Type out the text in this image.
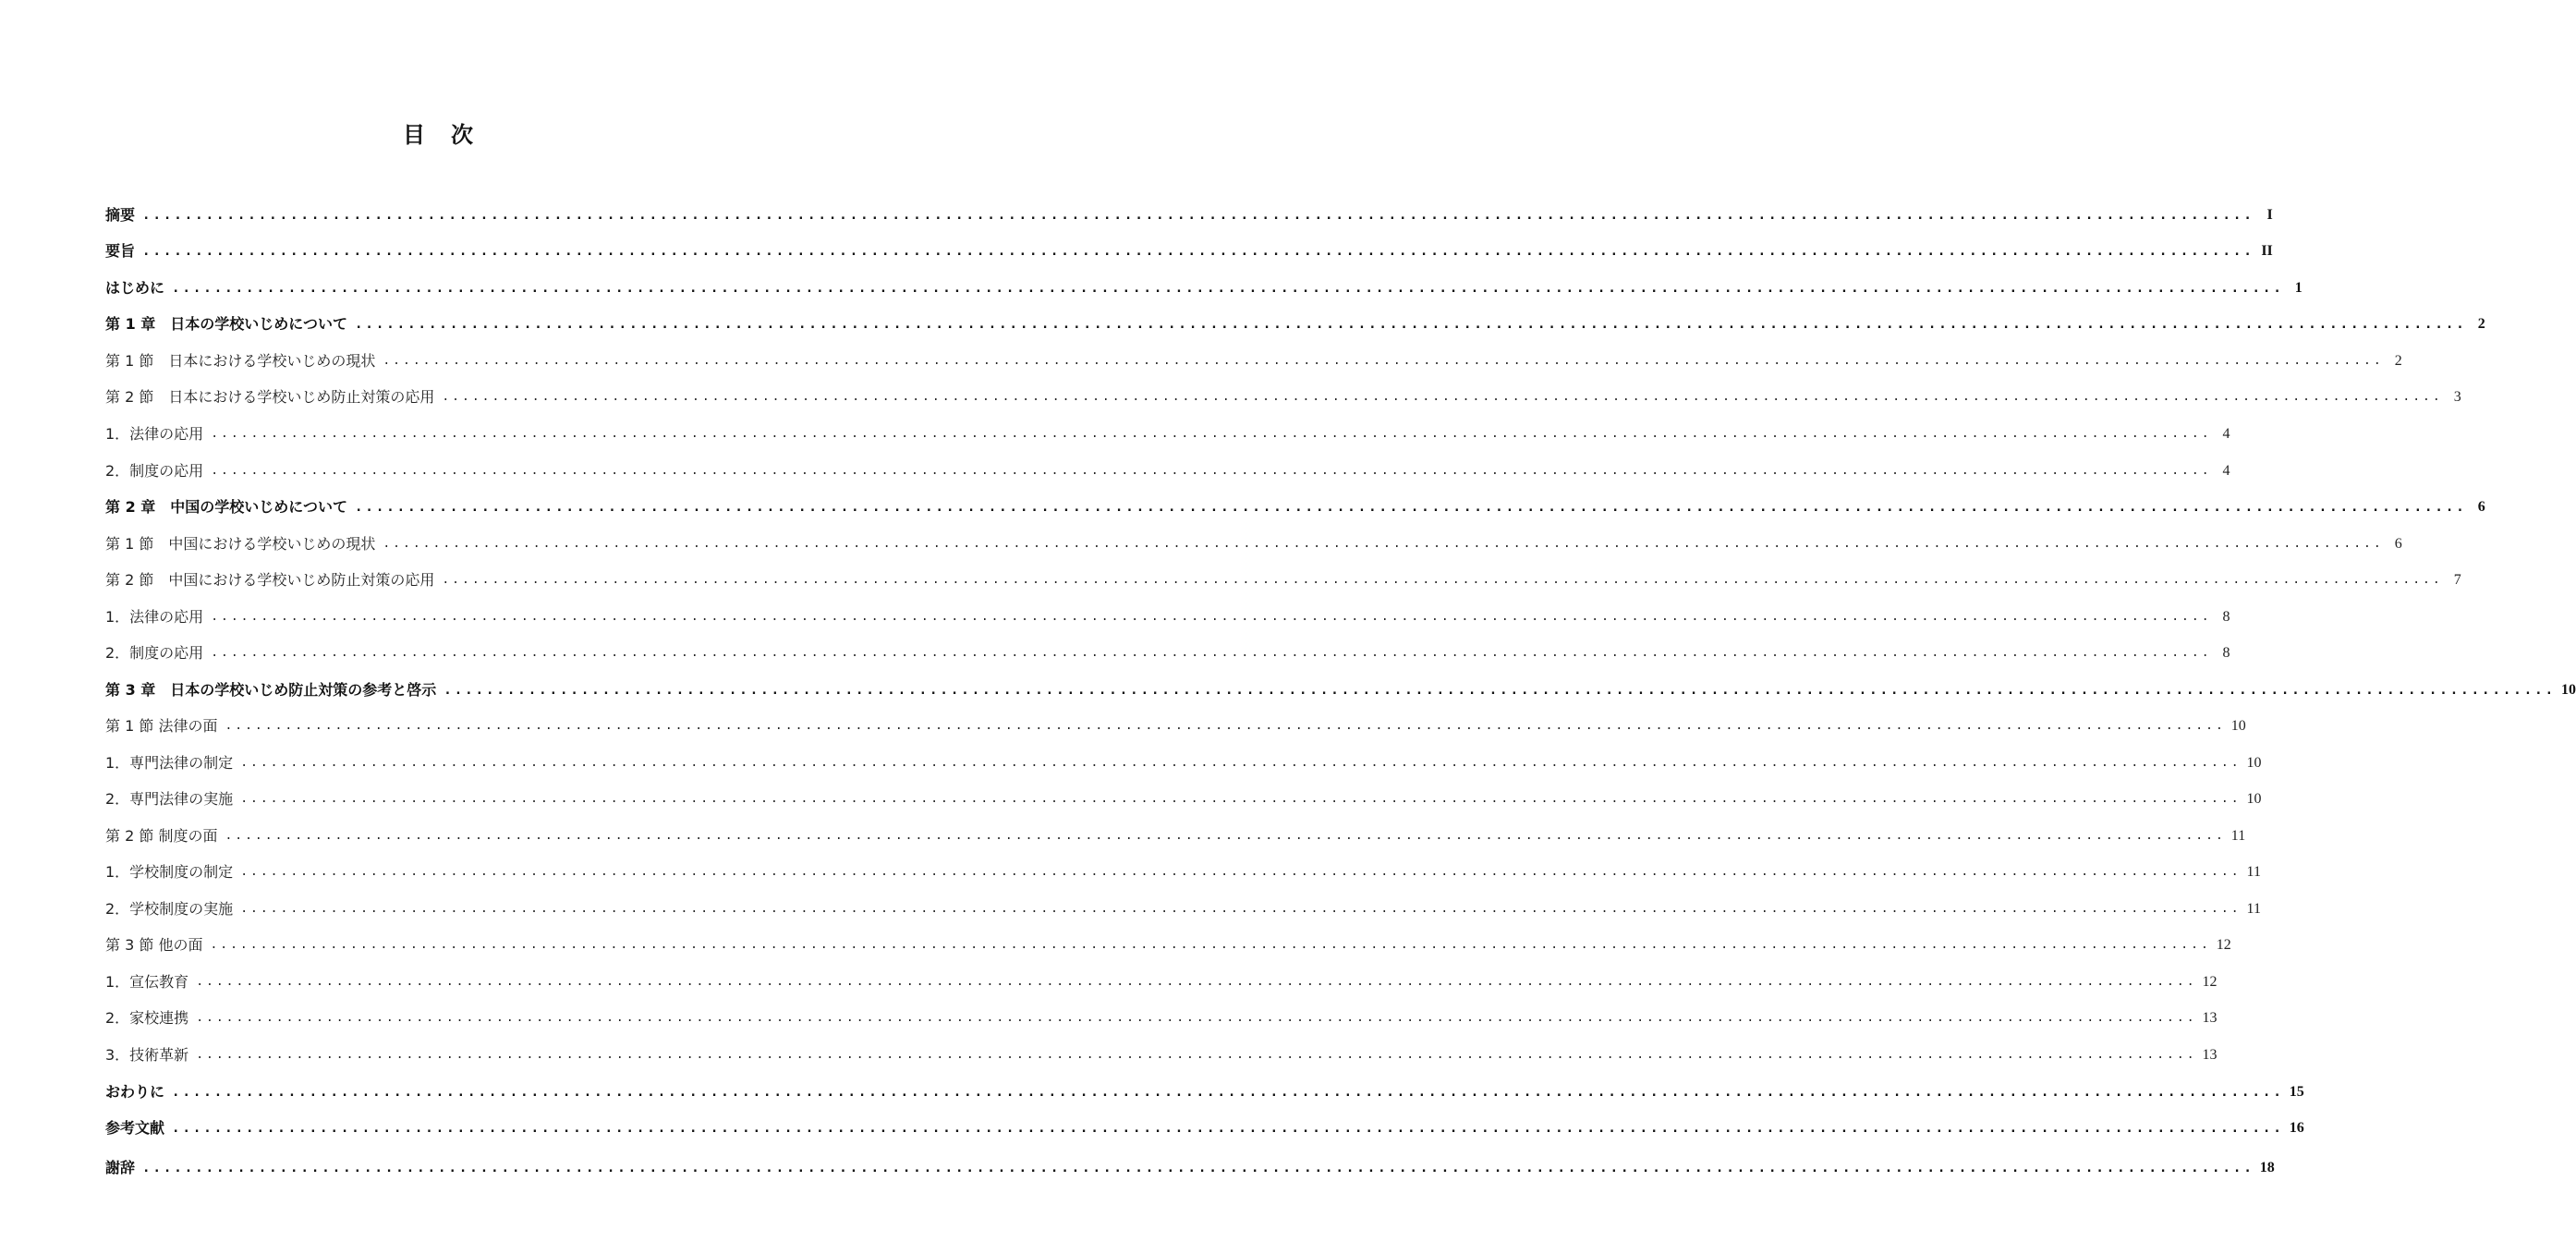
目 次
摘要 ........................................................................................................................................................................................................ I
要旨 ........................................................................................................................................................................................................ II
はじめに ........................................................................................................................................................................................................ 1
第 1 章　日本の学校いじめについて ........................................................................................................................................................................................................ 2
第 1 節　日本における学校いじめの現状 ........................................................................................................................................................................................................ 2
第 2 節　日本における学校いじめ防止対策の応用 ........................................................................................................................................................................................................ 3
1．法律の応用 ........................................................................................................................................................................................................ 4
2．制度の応用 ........................................................................................................................................................................................................ 4
第 2 章　中国の学校いじめについて ........................................................................................................................................................................................................ 6
第 1 節　中国における学校いじめの現状 ........................................................................................................................................................................................................ 6
第 2 節　中国における学校いじめ防止対策の応用 ........................................................................................................................................................................................................ 7
1．法律の応用 ........................................................................................................................................................................................................ 8
2．制度の応用 ........................................................................................................................................................................................................ 8
第 3 章　日本の学校いじめ防止対策の参考と啓示 ........................................................................................................................................................................................................ 10
第 1 節 法律の面 ........................................................................................................................................................................................................ 10
1．専門法律の制定 ........................................................................................................................................................................................................ 10
2．専門法律の実施 ........................................................................................................................................................................................................ 10
第 2 節 制度の面 ........................................................................................................................................................................................................ 11
1．学校制度の制定 ........................................................................................................................................................................................................ 11
2．学校制度の実施 ........................................................................................................................................................................................................ 11
第 3 節 他の面 ........................................................................................................................................................................................................ 12
1．宣伝教育 ........................................................................................................................................................................................................ 12
2．家校連携 ........................................................................................................................................................................................................ 13
3．技術革新 ........................................................................................................................................................................................................ 13
おわりに ........................................................................................................................................................................................................ 15
参考文献 ........................................................................................................................................................................................................ 16
謝辞 ........................................................................................................................................................................................................ 18
